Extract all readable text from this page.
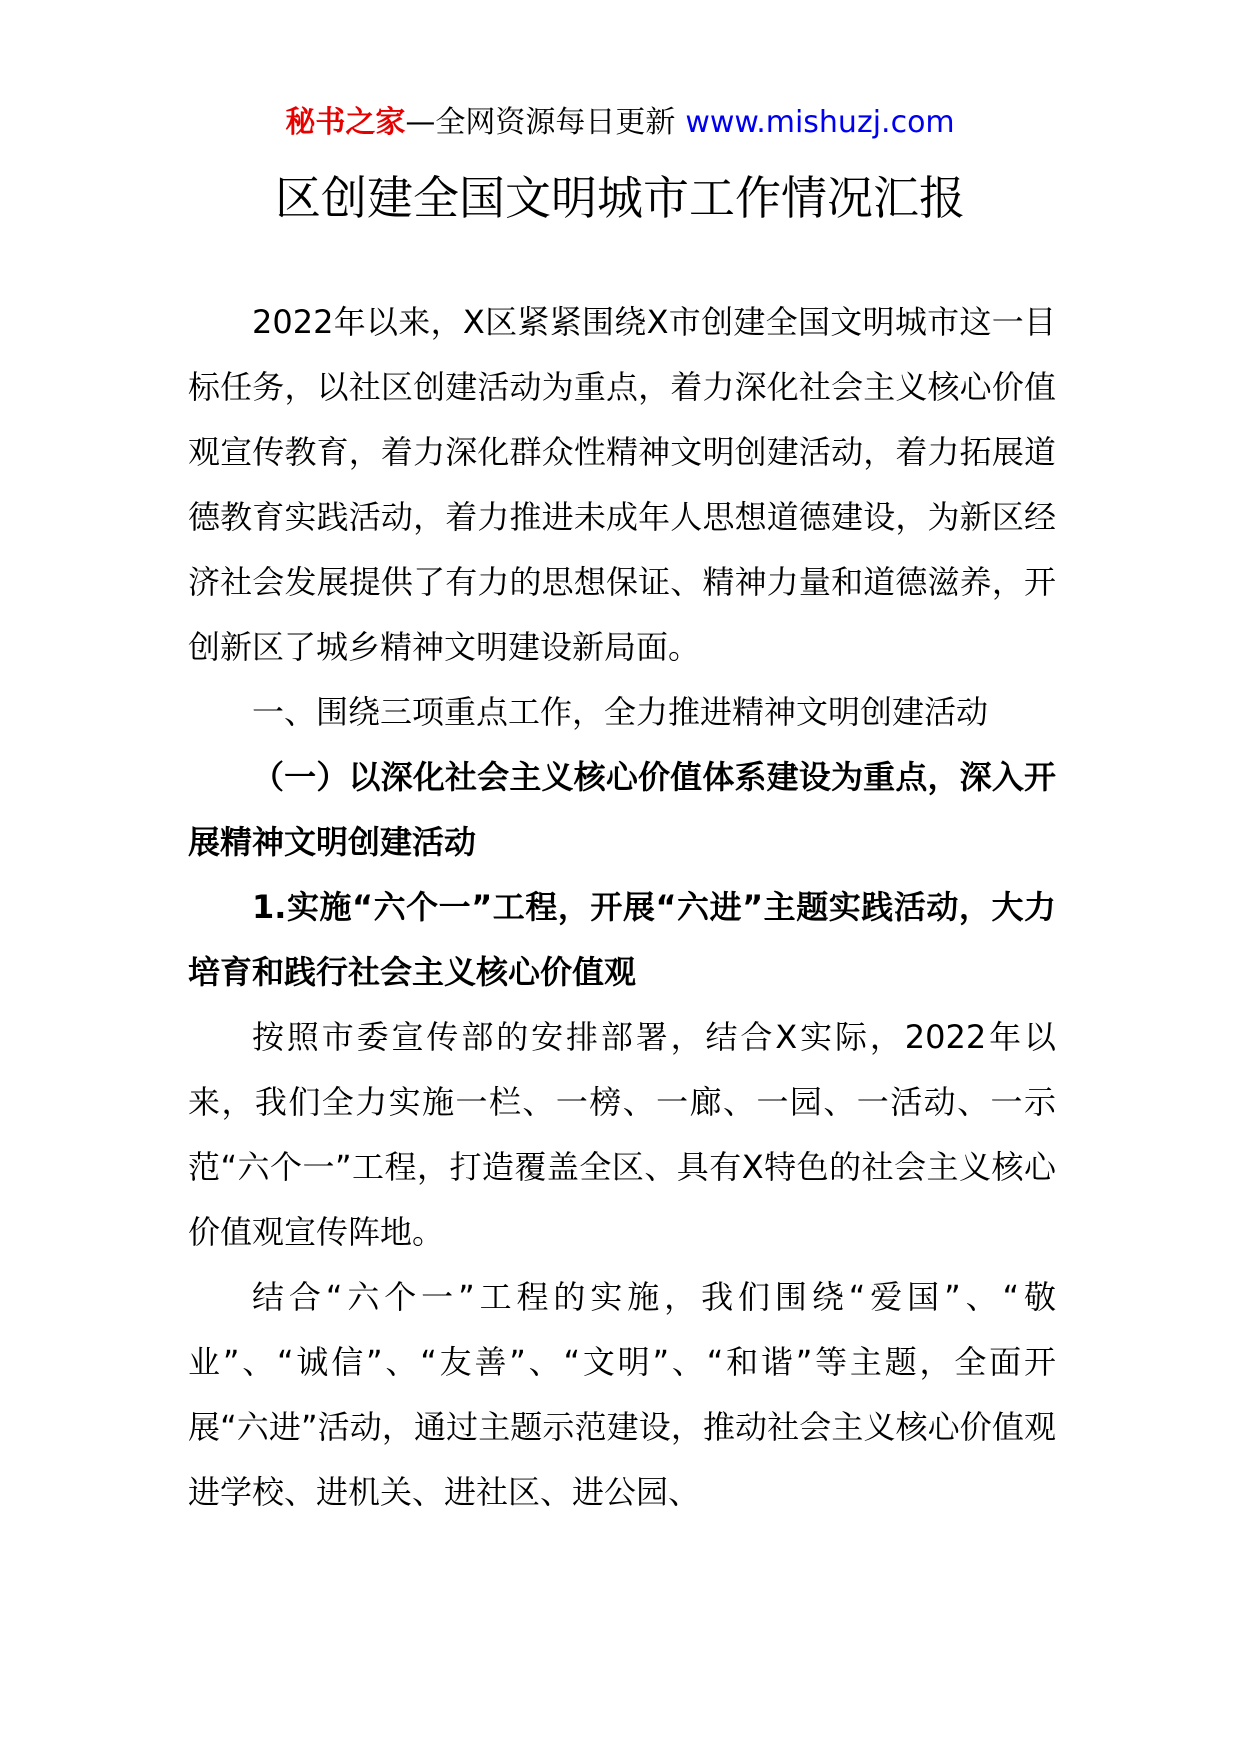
秘书之家—全网资源每日更新 www.mishuzj.com
区创建全国文明城市工作情况汇报

2022年以来，X区紧紧围绕X市创建全国文明城市这一目标任务，以社区创建活动为重点，着力深化社会主义核心价值观宣传教育，着力深化群众性精神文明创建活动，着力拓展道德教育实践活动，着力推进未成年人思想道德建设，为新区经济社会发展提供了有力的思想保证、精神力量和道德滋养，开创新区了城乡精神文明建设新局面。

一、围绕三项重点工作，全力推进精神文明创建活动

（一）以深化社会主义核心价值体系建设为重点，深入开展精神文明创建活动

1.实施“六个一”工程，开展“六进”主题实践活动，大力培育和践行社会主义核心价值观

按照市委宣传部的安排部署，结合X实际，2022年以来，我们全力实施一栏、一榜、一廊、一园、一活动、一示范“六个一”工程，打造覆盖全区、具有X特色的社会主义核心价值观宣传阵地。

结合“六个一”工程的实施，我们围绕“爱国”、“敬业”、“诚信”、“友善”、“文明”、“和谐”等主题，全面开展“六进”活动，通过主题示范建设，推动社会主义核心价值观进学校、进机关、进社区、进公园、
